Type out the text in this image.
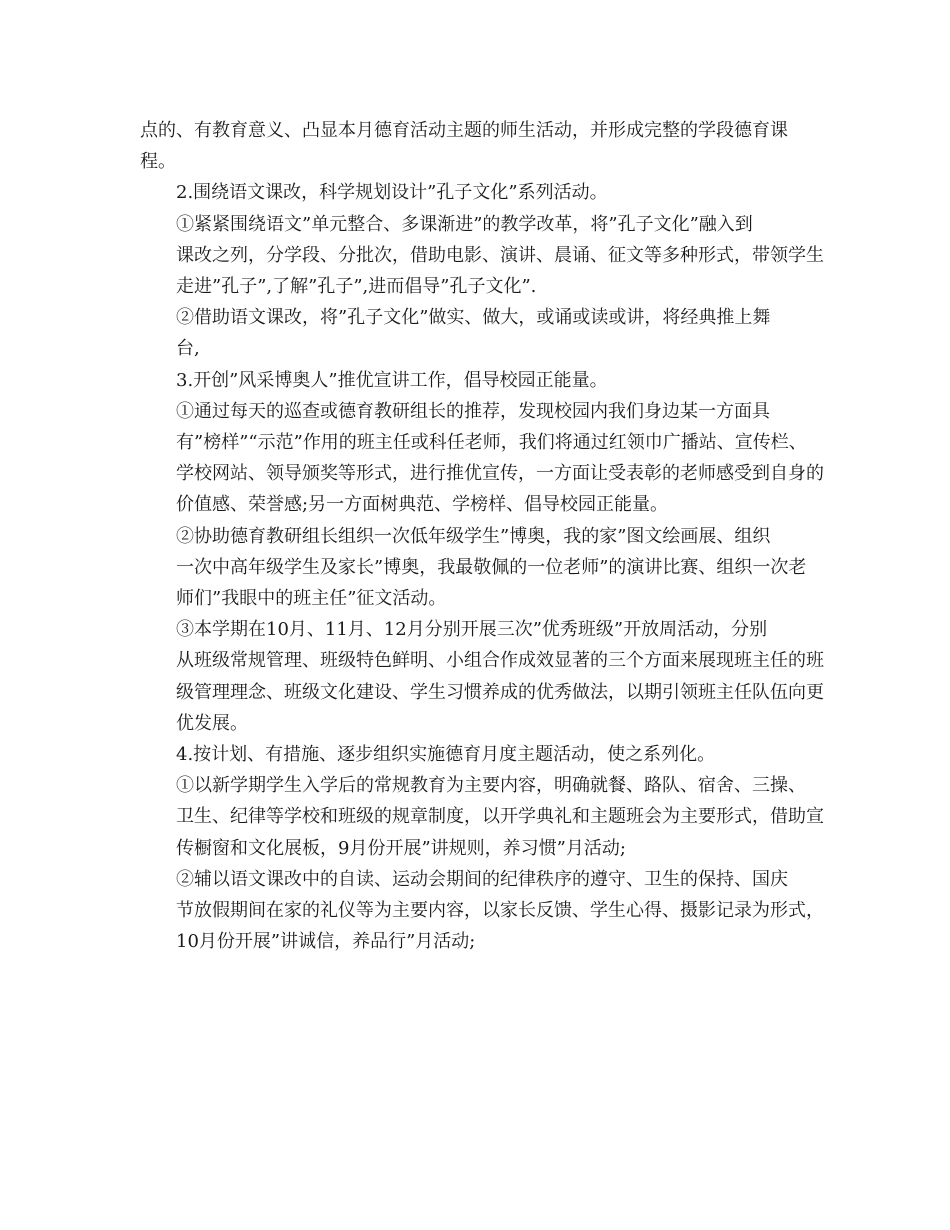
点的、有教育意义、凸显本月德育活动主题的师生活动，并形成完整的学段德育课
程。

2.围绕语文课改，科学规划设计”孔子文化”系列活动。

①紧紧围绕语文”单元整合、多课渐进”的教学改革，将”孔子文化”融入到
课改之列，分学段、分批次，借助电影、演讲、晨诵、征文等多种形式，带领学生
走进”孔子”,了解”孔子”,进而倡导”孔子文化”.

②借助语文课改，将”孔子文化”做实、做大，或诵或读或讲，将经典推上舞
台,

3.开创”风采博奥人”推优宣讲工作，倡导校园正能量。

①通过每天的巡查或德育教研组长的推荐，发现校园内我们身边某一方面具
有”榜样”“示范”作用的班主任或科任老师，我们将通过红领巾广播站、宣传栏、
学校网站、领导颁奖等形式，进行推优宣传，一方面让受表彰的老师感受到自身的
价值感、荣誉感;另一方面树典范、学榜样、倡导校园正能量。

②协助德育教研组长组织一次低年级学生”博奥，我的家”图文绘画展、组织
一次中高年级学生及家长”博奥，我最敬佩的一位老师”的演讲比赛、组织一次老
师们”我眼中的班主任”征文活动。

③本学期在10月、11月、12月分别开展三次”优秀班级”开放周活动，分别
从班级常规管理、班级特色鲜明、小组合作成效显著的三个方面来展现班主任的班
级管理理念、班级文化建设、学生习惯养成的优秀做法，以期引领班主任队伍向更
优发展。

4.按计划、有措施、逐步组织实施德育月度主题活动，使之系列化。

①以新学期学生入学后的常规教育为主要内容，明确就餐、路队、宿舍、三操、
卫生、纪律等学校和班级的规章制度，以开学典礼和主题班会为主要形式，借助宣
传橱窗和文化展板，9月份开展”讲规则，养习惯”月活动;

②辅以语文课改中的自读、运动会期间的纪律秩序的遵守、卫生的保持、国庆
节放假期间在家的礼仪等为主要内容，以家长反馈、学生心得、摄影记录为形式，
10月份开展”讲诚信，养品行”月活动;
